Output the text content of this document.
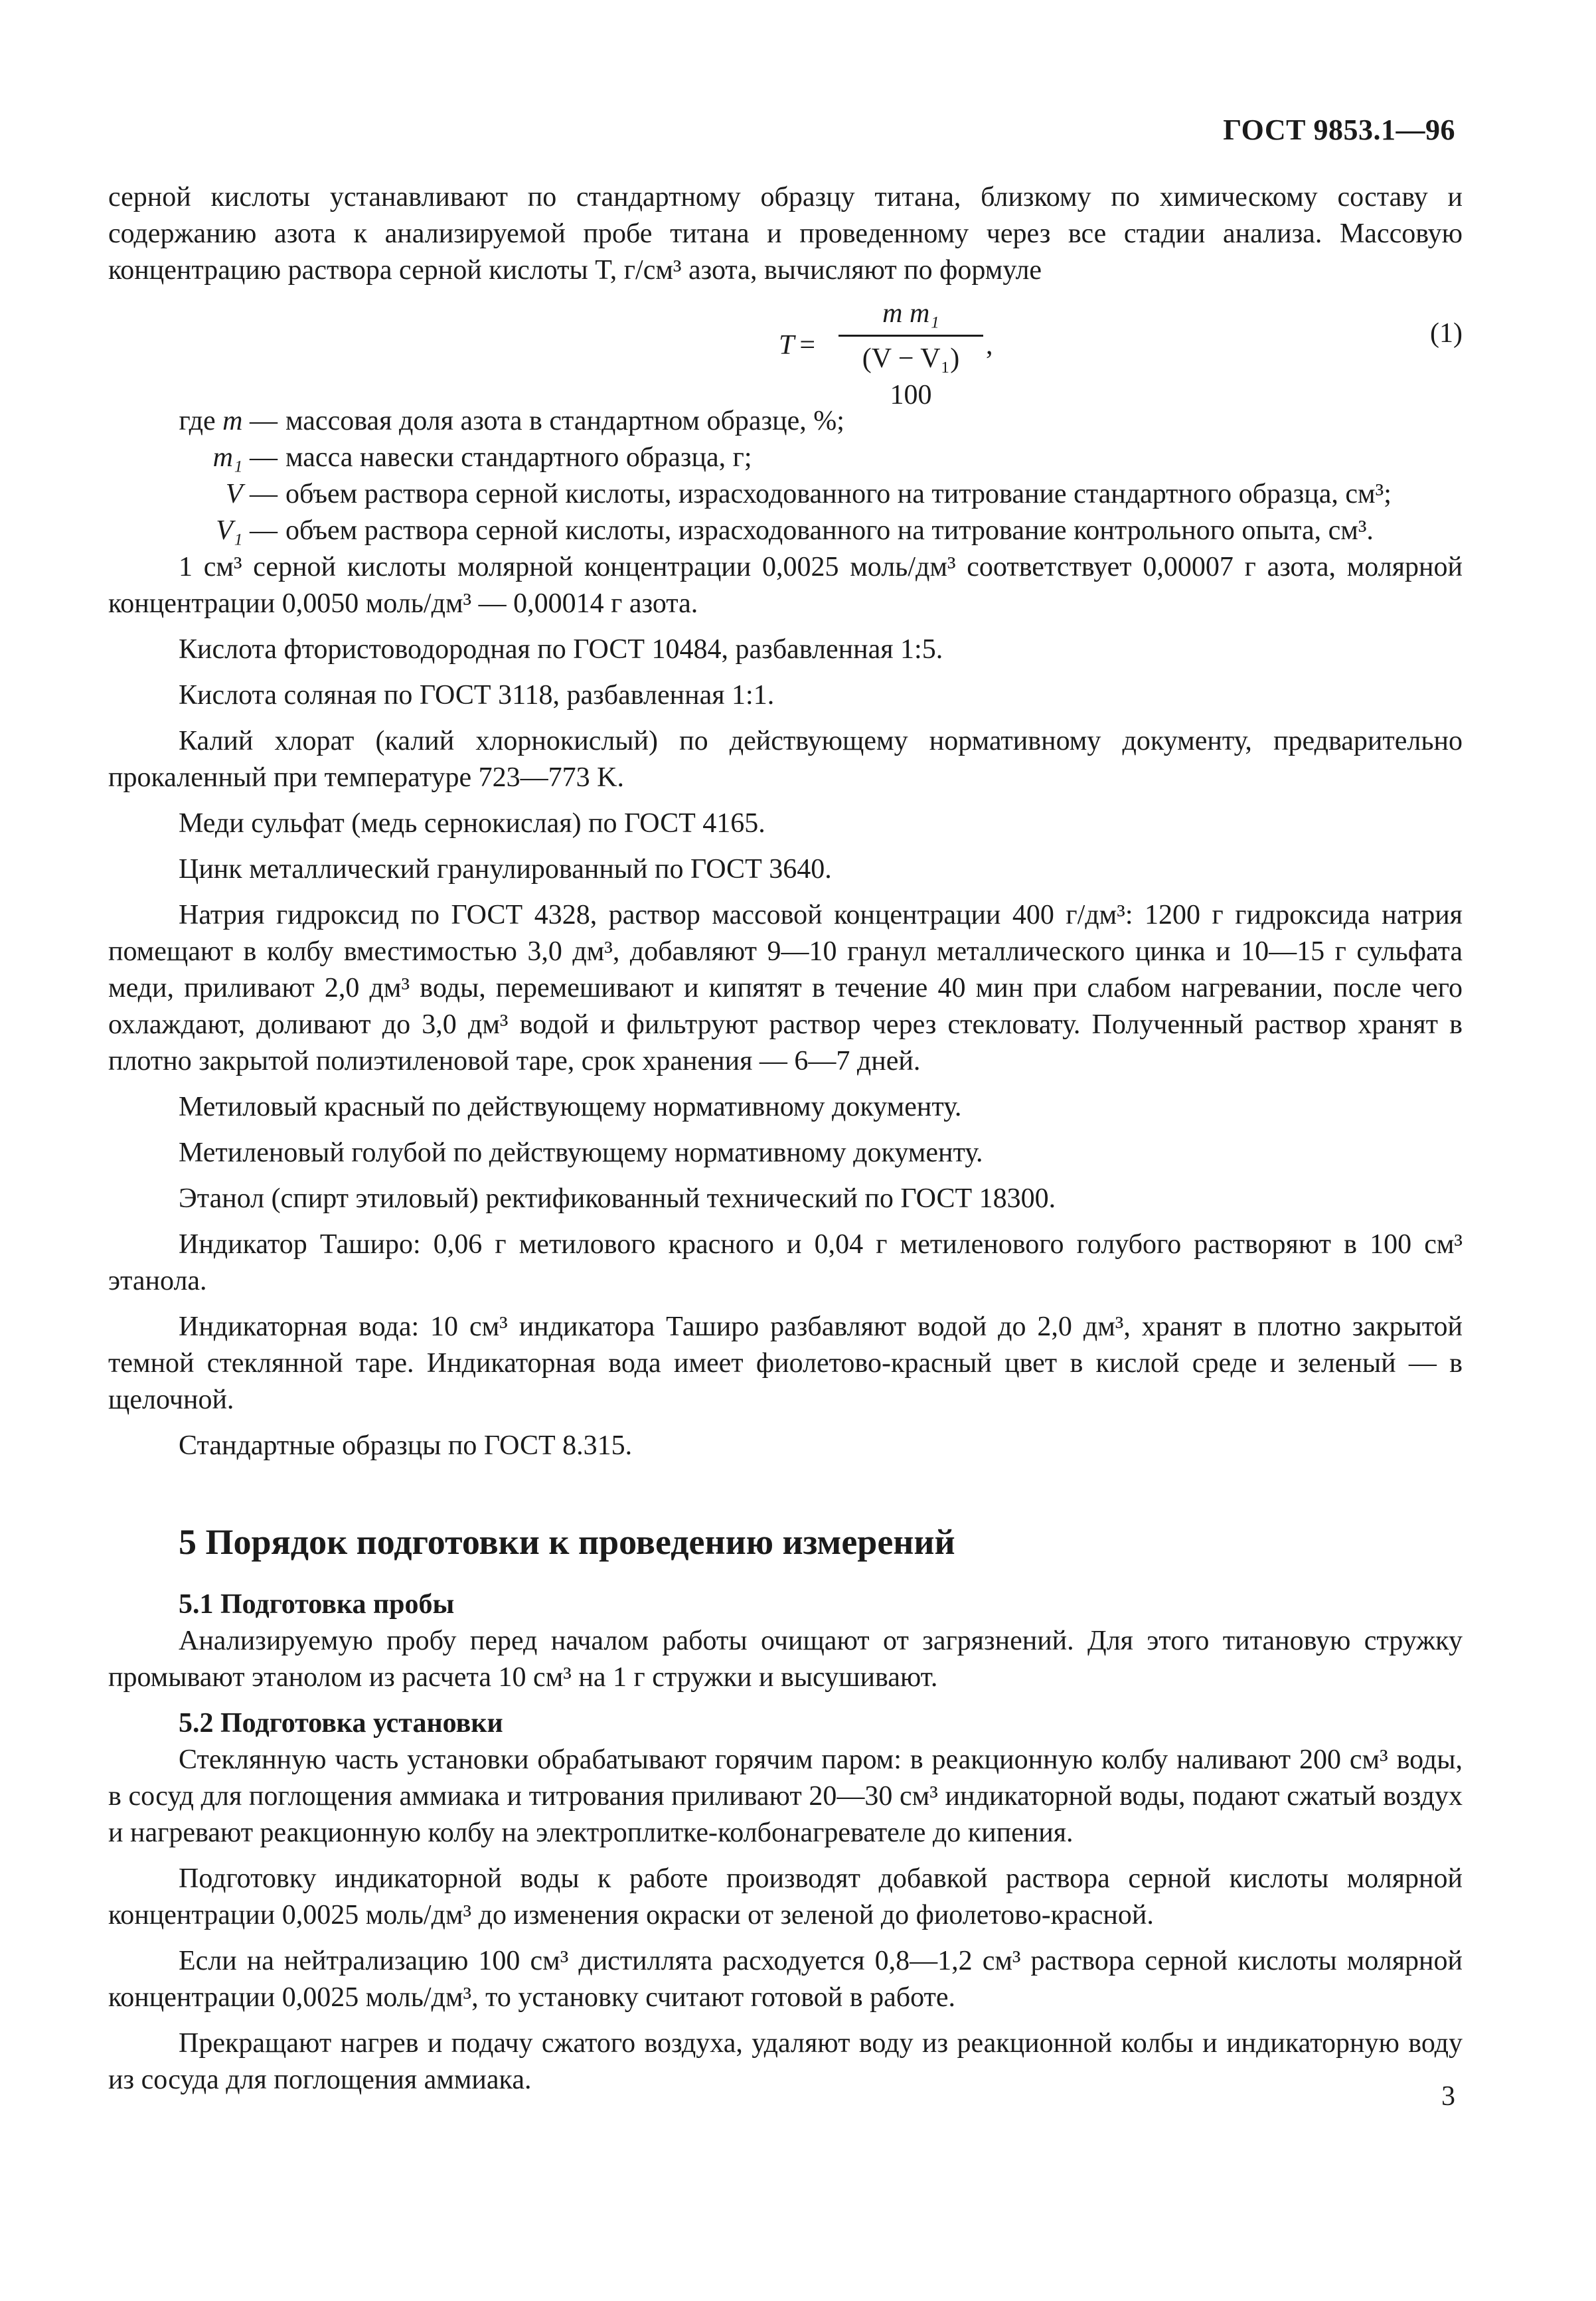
ГОСТ 9853.1—96

серной кислоты устанавливают по стандартному образцу титана, близкому по химическому составу и содержанию азота к анализируемой пробе титана и проведенному через все стадии анализа. Массовую концентрацию раствора серной кислоты T, г/см³ азота, вычисляют по формуле

$T = \frac{\text{m m₁}}{\text{(V − V₁) 100}}$ ,	(1)
где m — массовая доля азота в стандартном образце, %;
m₁ — масса навески стандартного образца, г;
V — объем раствора серной кислоты, израсходованного на титрование стандартного образца, см³;
V₁ — объем раствора серной кислоты, израсходованного на титрование контрольного опыта, см³.

1 см³ серной кислоты молярной концентрации 0,0025 моль/дм³ соответствует 0,00007 г азота, молярной концентрации 0,0050 моль/дм³ — 0,00014 г азота.

Кислота фтористоводородная по ГОСТ 10484, разбавленная 1:5.

Кислота соляная по ГОСТ 3118, разбавленная 1:1.

Калий хлорат (калий хлорнокислый) по действующему нормативному документу, предварительно прокаленный при температуре 723—773 K.

Меди сульфат (медь сернокислая) по ГОСТ 4165.

Цинк металлический гранулированный по ГОСТ 3640.

Натрия гидроксид по ГОСТ 4328, раствор массовой концентрации 400 г/дм³: 1200 г гидроксида натрия помещают в колбу вместимостью 3,0 дм³, добавляют 9—10 гранул металлического цинка и 10—15 г сульфата меди, приливают 2,0 дм³ воды, перемешивают и кипятят в течение 40 мин при слабом нагревании, после чего охлаждают, доливают до 3,0 дм³ водой и фильтруют раствор через стекловату. Полученный раствор хранят в плотно закрытой полиэтиленовой таре, срок хранения — 6—7 дней.

Метиловый красный по действующему нормативному документу.

Метиленовый голубой по действующему нормативному документу.

Этанол (спирт этиловый) ректификованный технический по ГОСТ 18300.

Индикатор Таширо: 0,06 г метилового красного и 0,04 г метиленового голубого растворяют в 100 см³ этанола.

Индикаторная вода: 10 см³ индикатора Таширо разбавляют водой до 2,0 дм³, хранят в плотно закрытой темной стеклянной таре. Индикаторная вода имеет фиолетово-красный цвет в кислой среде и зеленый — в щелочной.

Стандартные образцы по ГОСТ 8.315.

5 Порядок подготовки к проведению измерений

5.1 Подготовка пробы

Анализируемую пробу перед началом работы очищают от загрязнений. Для этого титановую стружку промывают этанолом из расчета 10 см³ на 1 г стружки и высушивают.

5.2 Подготовка установки

Стеклянную часть установки обрабатывают горячим паром: в реакционную колбу наливают 200 см³ воды, в сосуд для поглощения аммиака и титрования приливают 20—30 см³ индикаторной воды, подают сжатый воздух и нагревают реакционную колбу на электроплитке-колбонагревателе до кипения.

Подготовку индикаторной воды к работе производят добавкой раствора серной кислоты молярной концентрации 0,0025 моль/дм³ до изменения окраски от зеленой до фиолетово-красной.

Если на нейтрализацию 100 см³ дистиллята расходуется 0,8—1,2 см³ раствора серной кислоты молярной концентрации 0,0025 моль/дм³, то установку считают готовой в работе.

Прекращают нагрев и подачу сжатого воздуха, удаляют воду из реакционной колбы и индикаторную воду из сосуда для поглощения аммиака.

3
